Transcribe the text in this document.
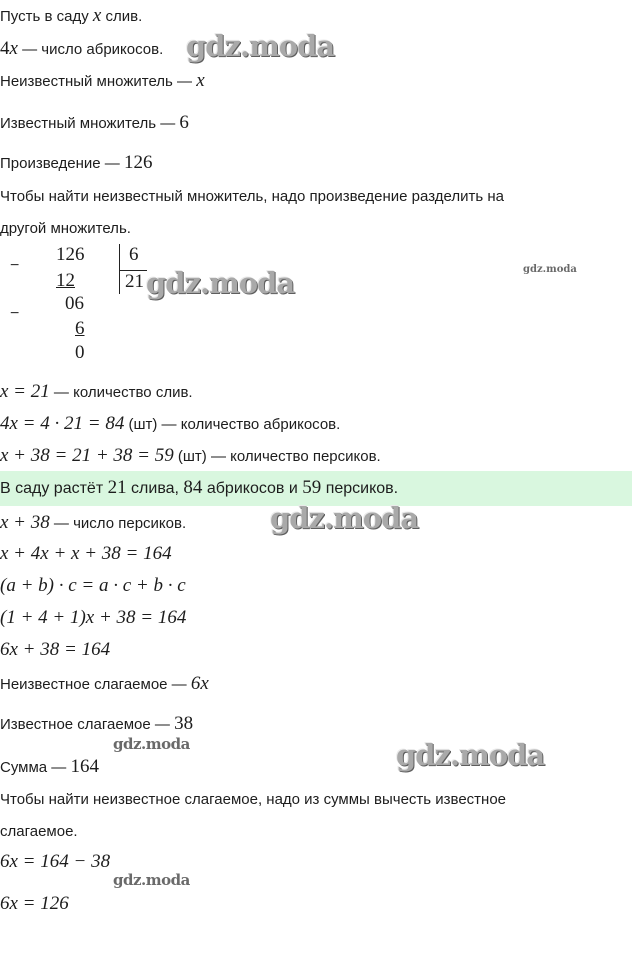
Пусть в саду x слив.
4x — число абрикосов. gdz.moda
Неизвестный множитель — x
Известный множитель — 6
Произведение — 126
Чтобы найти неизвестный множитель, надо произведение разделить на
другой множитель.
−
126
12
− 06
6
0
6
21 gdz.moda	gdz.moda
x = 21 — количество слив.
4x = 4 · 21 = 84 (шт) — количество абрикосов.
x + 38 = 21 + 38 = 59 (шт) — количество персиков.
В саду растёт 21 слива, 84 абрикосов и 59 персиков.
x + 38 — число персиков.	gdz.moda
x + 4x + x + 38 = 164
(a + b) · c = a · c + b · c
(1 + 4 + 1)x + 38 = 164
6x + 38 = 164
Неизвестное слагаемое — 6x
Известное слагаемое — 38
gdz.moda
Сумма — 164	gdz.moda
Чтобы найти неизвестное слагаемое, надо из суммы вычесть известное
слагаемое.
6x = 164 − 38
gdz.moda
6x = 126
